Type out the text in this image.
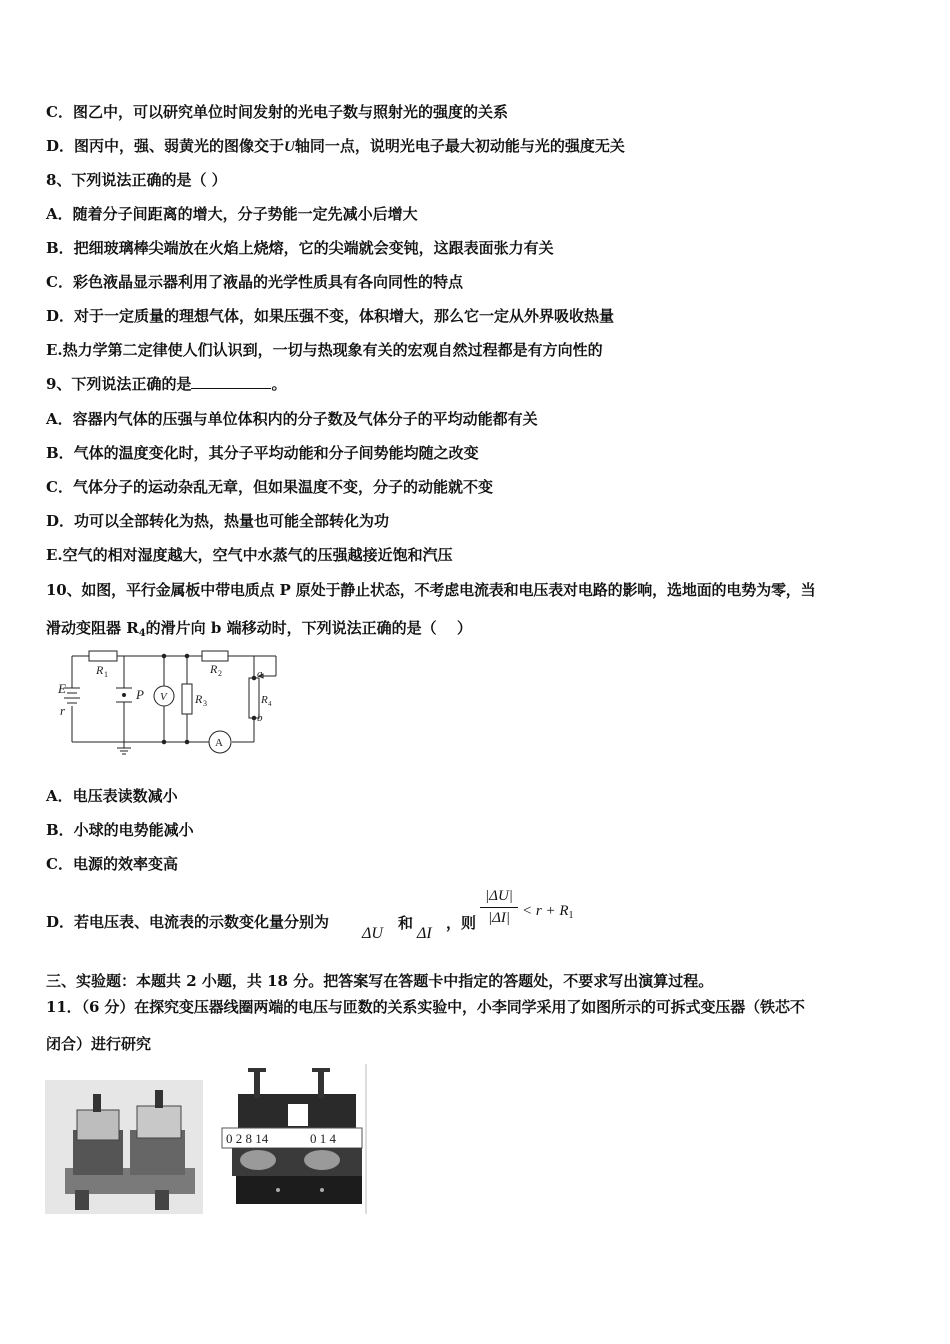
C．图乙中，可以研究单位时间发射的光电子数与照射光的强度的关系
D．图丙中，强、弱黄光的图像交于U轴同一点，说明光电子最大初动能与光的强度无关
8、下列说法正确的是（ ）
A．随着分子间距离的增大，分子势能一定先减小后增大
B．把细玻璃棒尖端放在火焰上烧熔，它的尖端就会变钝，这跟表面张力有关
C．彩色液晶显示器利用了液晶的光学性质具有各向同性的特点
D．对于一定质量的理想气体，如果压强不变，体积增大，那么它一定从外界吸收热量
E.热力学第二定律使人们认识到，一切与热现象有关的宏观自然过程都是有方向性的
9、下列说法正确的是	。
A．容器内气体的压强与单位体积内的分子数及气体分子的平均动能都有关
B．气体的温度变化时，其分子平均动能和分子间势能均随之改变
C．气体分子的运动杂乱无章，但如果温度不变，分子的动能就不变
D．功可以全部转化为热，热量也可能全部转化为功
E.空气的相对湿度越大，空气中水蒸气的压强越接近饱和汽压
10、如图，平行金属板中带电质点 P 原处于静止状态，不考虑电流表和电压表对电路的影响，选地面的电势为零，当
滑动变阻器 $R_4$的滑片向 b 端移动时，下列说法正确的是（　 ）
E
r
R 1
P V R 3
R 2	a
R 4
b
A
A．电压表读数减小
B．小球的电势能减小
C．电源的效率变高
D．若电压表、电流表的示数变化量分别为
ΔU
和
ΔI
，则 $\frac{|\Delta U|}{|\Delta I|} < r + R_1$
三、实验题：本题共 2 小题，共 18 分。把答案写在答题卡中指定的答题处，不要求写出演算过程。
11．（6 分）在探究变压器线圈两端的电压与匝数的关系实验中，小李同学采用了如图所示的可拆式变压器（铁芯不
闭合）进行研究
0 2 8 14	0 1 4
